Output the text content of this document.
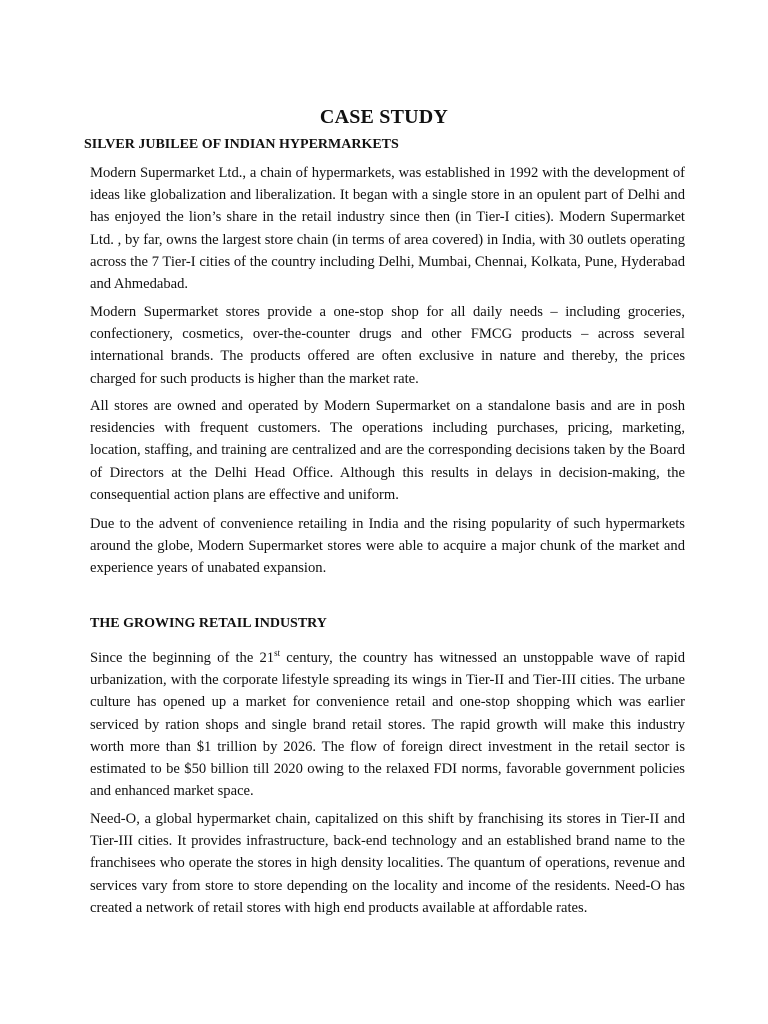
CASE STUDY
SILVER JUBILEE OF INDIAN HYPERMARKETS

Modern Supermarket Ltd., a chain of hypermarkets, was established in 1992 with the development of ideas like globalization and liberalization. It began with a single store in an opulent part of Delhi and has enjoyed the lion’s share in the retail industry since then (in Tier-I cities). Modern Supermarket Ltd. , by far, owns the largest store chain (in terms of area covered) in India, with 30 outlets operating across the 7 Tier-I cities of the country including Delhi, Mumbai, Chennai, Kolkata, Pune, Hyderabad and Ahmedabad.

Modern Supermarket stores provide a one-stop shop for all daily needs – including groceries, confectionery, cosmetics, over-the-counter drugs and other FMCG products – across several international brands. The products offered are often exclusive in nature and thereby, the prices charged for such products is higher than the market rate.

All stores are owned and operated by Modern Supermarket on a standalone basis and are in posh residencies with frequent customers. The operations including purchases, pricing, marketing, location, staffing, and training are centralized and are the corresponding decisions taken by the Board of Directors at the Delhi Head Office. Although this results in delays in decision-making, the consequential action plans are effective and uniform.

Due to the advent of convenience retailing in India and the rising popularity of such hypermarkets around the globe, Modern Supermarket stores were able to acquire a major chunk of the market and experience years of unabated expansion.

THE GROWING RETAIL INDUSTRY

Since the beginning of the 21st century, the country has witnessed an unstoppable wave of rapid urbanization, with the corporate lifestyle spreading its wings in Tier-II and Tier-III cities. The urbane culture has opened up a market for convenience retail and one-stop shopping which was earlier serviced by ration shops and single brand retail stores. The rapid growth will make this industry worth more than $1 trillion by 2026. The flow of foreign direct investment in the retail sector is estimated to be $50 billion till 2020 owing to the relaxed FDI norms, favorable government policies and enhanced market space.

Need-O, a global hypermarket chain, capitalized on this shift by franchising its stores in Tier-II and Tier-III cities. It provides infrastructure, back-end technology and an established brand name to the franchisees who operate the stores in high density localities. The quantum of operations, revenue and services vary from store to store depending on the locality and income of the residents. Need-O has created a network of retail stores with high end products available at affordable rates.
